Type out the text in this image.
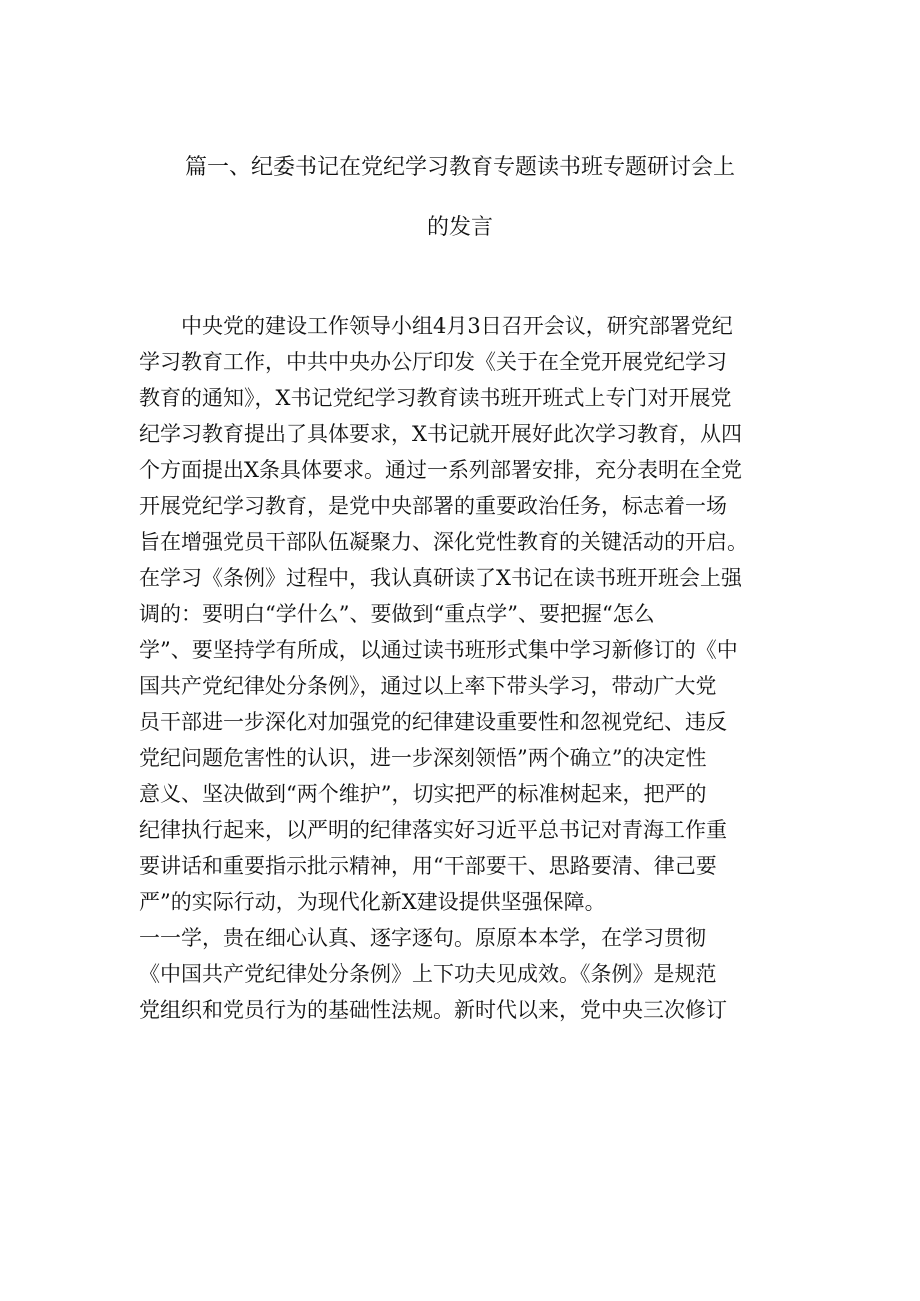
篇一、纪委书记在党纪学习教育专题读书班专题研讨会上
的发言
中央党的建设工作领导小组4月3日召开会议，研究部署党纪
学习教育工作，中共中央办公厅印发《关于在全党开展党纪学习
教育的通知》，X书记党纪学习教育读书班开班式上专门对开展党
纪学习教育提出了具体要求，X书记就开展好此次学习教育，从四
个方面提出X条具体要求。通过一系列部署安排，充分表明在全党
开展党纪学习教育，是党中央部署的重要政治任务，标志着一场
旨在增强党员干部队伍凝聚力、深化党性教育的关键活动的开启。
在学习《条例》过程中，我认真研读了X书记在读书班开班会上强
调的：要明白“学什么”、要做到“重点学”、要把握“怎么
学”、要坚持学有所成，以通过读书班形式集中学习新修订的《中
国共产党纪律处分条例》，通过以上率下带头学习，带动广大党
员干部进一步深化对加强党的纪律建设重要性和忽视党纪、违反
党纪问题危害性的认识，进一步深刻领悟”两个确立”的决定性
意义、坚决做到“两个维护”，切实把严的标准树起来，把严的
纪律执行起来，以严明的纪律落实好习近平总书记对青海工作重
要讲话和重要指示批示精神，用“干部要干、思路要清、律己要
严”的实际行动，为现代化新X建设提供坚强保障。
一一学，贵在细心认真、逐字逐句。原原本本学，在学习贯彻
《中国共产党纪律处分条例》上下功夫见成效。《条例》是规范
党组织和党员行为的基础性法规。新时代以来，党中央三次修订
